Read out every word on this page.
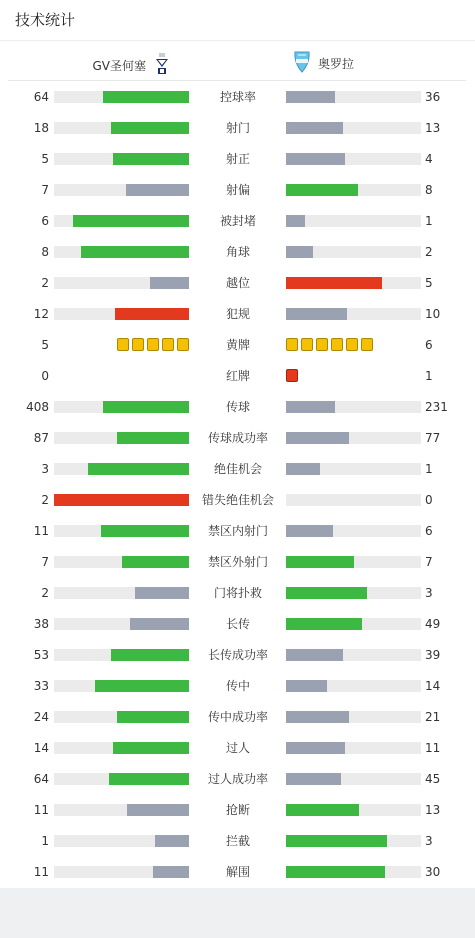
技术统计
GV圣何塞	奥罗拉
64	控球率	36
18	射门	13
5	射正	4
7	射偏	8
6	被封堵	1
8	角球	2
2	越位	5
12	犯规	10
5	黄牌	6
0	红牌	1
408	传球	231
87	传球成功率	77
3	绝佳机会	1
2	错失绝佳机会	0
11	禁区内射门	6
7	禁区外射门	7
2	门将扑救	3
38	长传	49
53	长传成功率	39
33	传中	14
24	传中成功率	21
14	过人	11
64	过人成功率	45
11	抢断	13
1	拦截	3
11	解围	30
